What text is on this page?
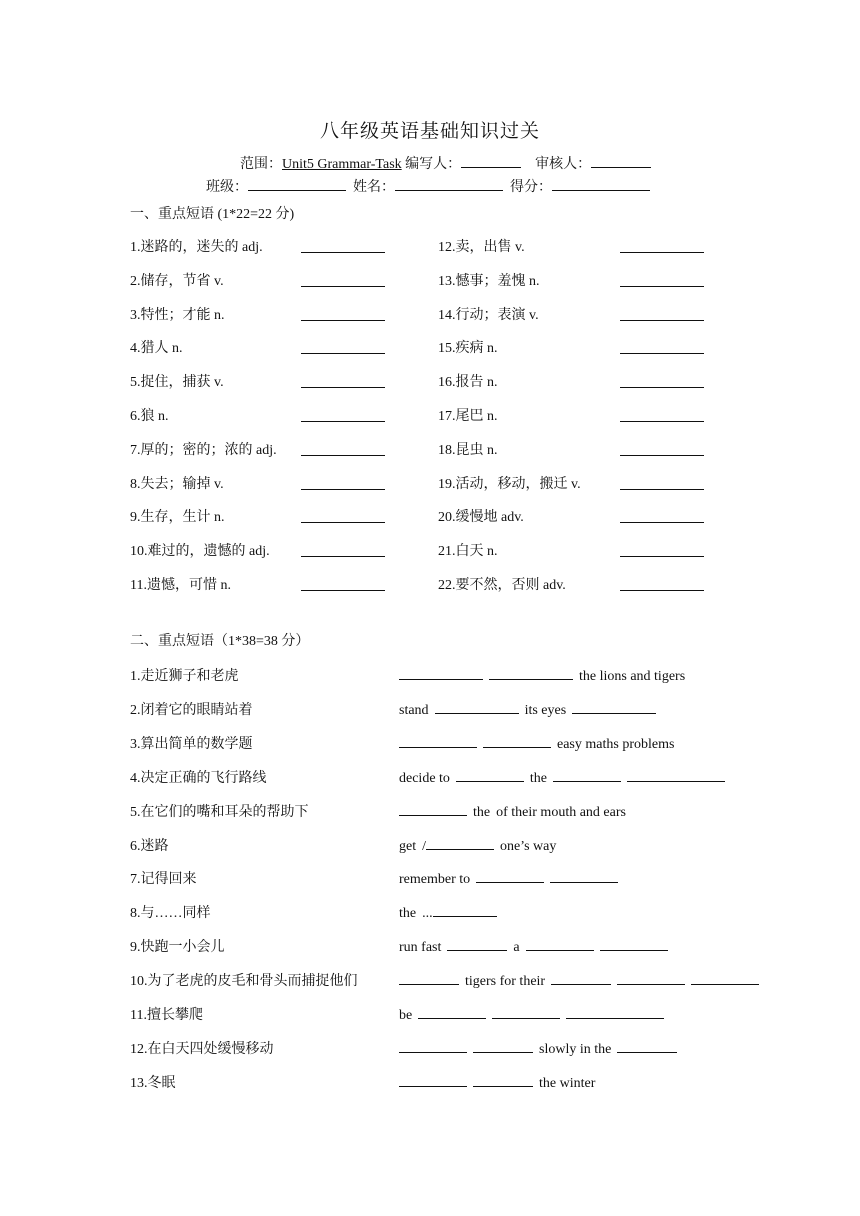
八年级英语基础知识过关
范围：Unit5 Grammar-Task 编写人：	审核人：
班级：	姓名：	得分：
一、重点短语 (1*22=22 分)
1.迷路的，迷失的 adj.
2.储存，节省 v.
3.特性；才能 n.
4.猎人 n.
5.捉住，捕获 v.
6.狼 n.
7.厚的；密的；浓的 adj.
8.失去；输掉 v.
9.生存，生计 n.
10.难过的，遗憾的 adj.
11.遗憾，可惜 n.
12.卖，出售 v.
13.憾事；羞愧 n.
14.行动；表演 v.
15.疾病 n.
16.报告 n.
17.尾巴 n.
18.昆虫 n.
19.活动，移动，搬迁 v.
20.缓慢地 adv.
21.白天 n.
22.要不然，否则 adv.
二、重点短语（1*38=38 分）
1.走近狮子和老虎	the lions and tigers
2.闭着它的眼睛站着	stand	its eyes
3.算出简单的数学题	easy maths problems
4.决定正确的飞行路线	decide to	the
5.在它们的嘴和耳朵的帮助下	the of their mouth and ears
6.迷路	get /	one’s way
7.记得回来	remember to
8.与……同样	the ...
9.快跑一小会儿	run fast	a
10.为了老虎的皮毛和骨头而捕捉他们	tigers for their
11.擅长攀爬	be
12.在白天四处缓慢移动	slowly in the
13.冬眠	the winter
